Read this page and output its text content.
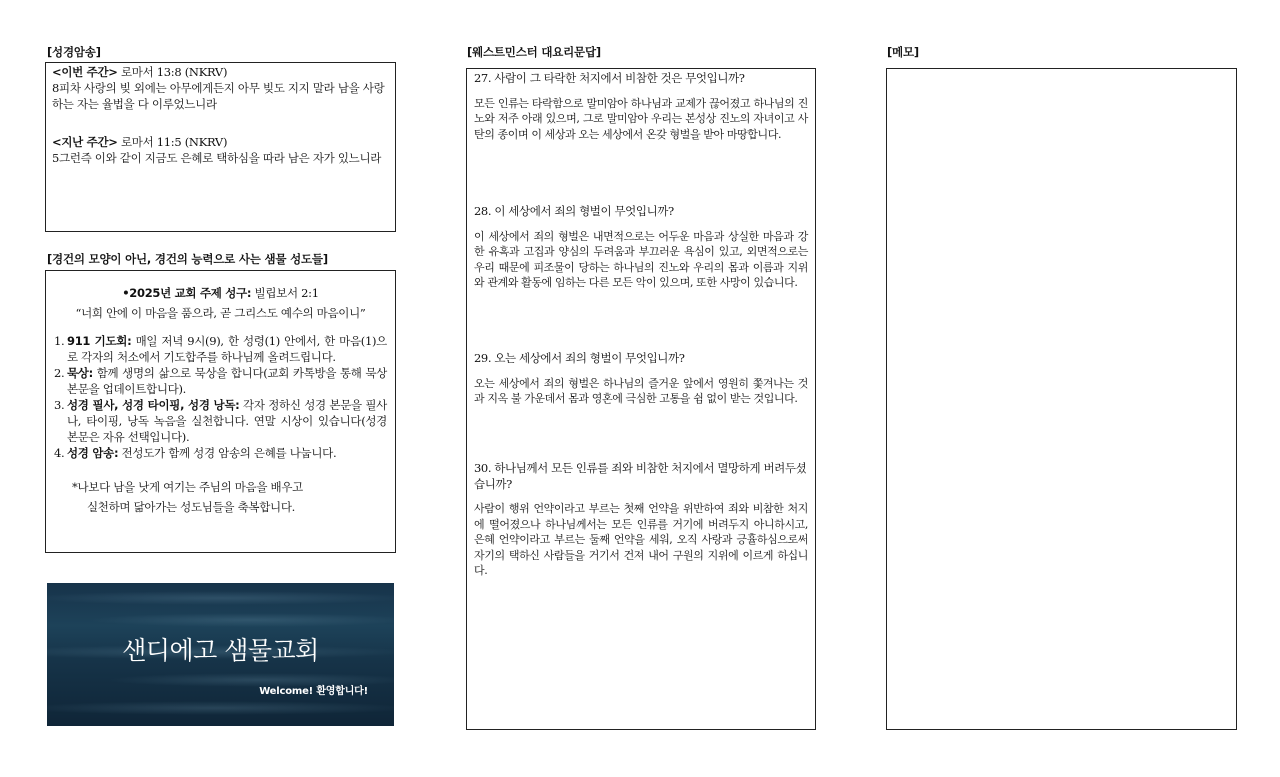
[성경암송]

<이번 주간> 로마서 13:8 (NKRV)

8피차 사랑의 빚 외에는 아무에게든지 아무 빚도 지지 말라 남을 사랑하는 자는 율법을 다 이루었느니라

<지난 주간> 로마서 11:5 (NKRV)

5그런즉 이와 같이 지금도 은혜로 택하심을 따라 남은 자가 있느니라

[경건의 모양이 아닌, 경건의 능력으로 사는 샘물 성도들]

•2025년 교회 주제 성구: 빌립보서 2:1

“너희 안에 이 마음을 품으라, 곧 그리스도 예수의 마음이니”

1. 911 기도회: 매일 저녁 9시(9), 한 성령(1) 안에서, 한 마음(1)으로 각자의 처소에서 기도합주를 하나님께 올려드립니다.
2. 묵상: 함께 생명의 삶으로 묵상을 합니다(교회 카톡방을 통해 묵상 본문을 업데이트합니다).
3. 성경 필사, 성경 타이핑, 성경 낭독: 각자 정하신 성경 본문을 필사나, 타이핑, 낭독 녹음을 실천합니다. 연말 시상이 있습니다(성경 본문은 자유 선택입니다).
4. 성경 암송: 전성도가 함께 성경 암송의 은혜를 나눕니다.

*나보다 남을 낫게 여기는 주님의 마음을 배우고

실천하며 닮아가는 성도님들을 축복합니다.

샌디에고 샘물교회
Welcome! 환영합니다!
[웨스트민스터 대요리문답]

27. 사람이 그 타락한 처지에서 비참한 것은 무엇입니까?

모든 인류는 타락함으로 말미암아 하나님과 교제가 끊어졌고 하나님의 진노와 저주 아래 있으며, 그로 말미암아 우리는 본성상 진노의 자녀이고 사탄의 종이며 이 세상과 오는 세상에서 온갖 형벌을 받아 마땅합니다.

28. 이 세상에서 죄의 형벌이 무엇입니까?

이 세상에서 죄의 형벌은 내면적으로는 어두운 마음과 상실한 마음과 강한 유혹과 고집과 양심의 두려움과 부끄러운 욕심이 있고, 외면적으로는 우리 때문에 피조물이 당하는 하나님의 진노와 우리의 몸과 이름과 지위와 관계와 활동에 임하는 다른 모든 악이 있으며, 또한 사망이 있습니다.

29. 오는 세상에서 죄의 형벌이 무엇입니까?

오는 세상에서 죄의 형벌은 하나님의 즐거운 앞에서 영원히 쫓겨나는 것과 지옥 불 가운데서 몸과 영혼에 극심한 고통을 쉼 없이 받는 것입니다.

30. 하나님께서 모든 인류를 죄와 비참한 처지에서 멸망하게 버려두셨습니까?

사람이 행위 언약이라고 부르는 첫째 언약을 위반하여 죄와 비참한 처지에 떨어졌으나 하나님께서는 모든 인류를 거기에 버려두지 아니하시고, 은혜 언약이라고 부르는 둘째 언약을 세워, 오직 사랑과 긍휼하심으로써 자기의 택하신 사람들을 거기서 건져 내어 구원의 지위에 이르게 하십니다.

[메모]
